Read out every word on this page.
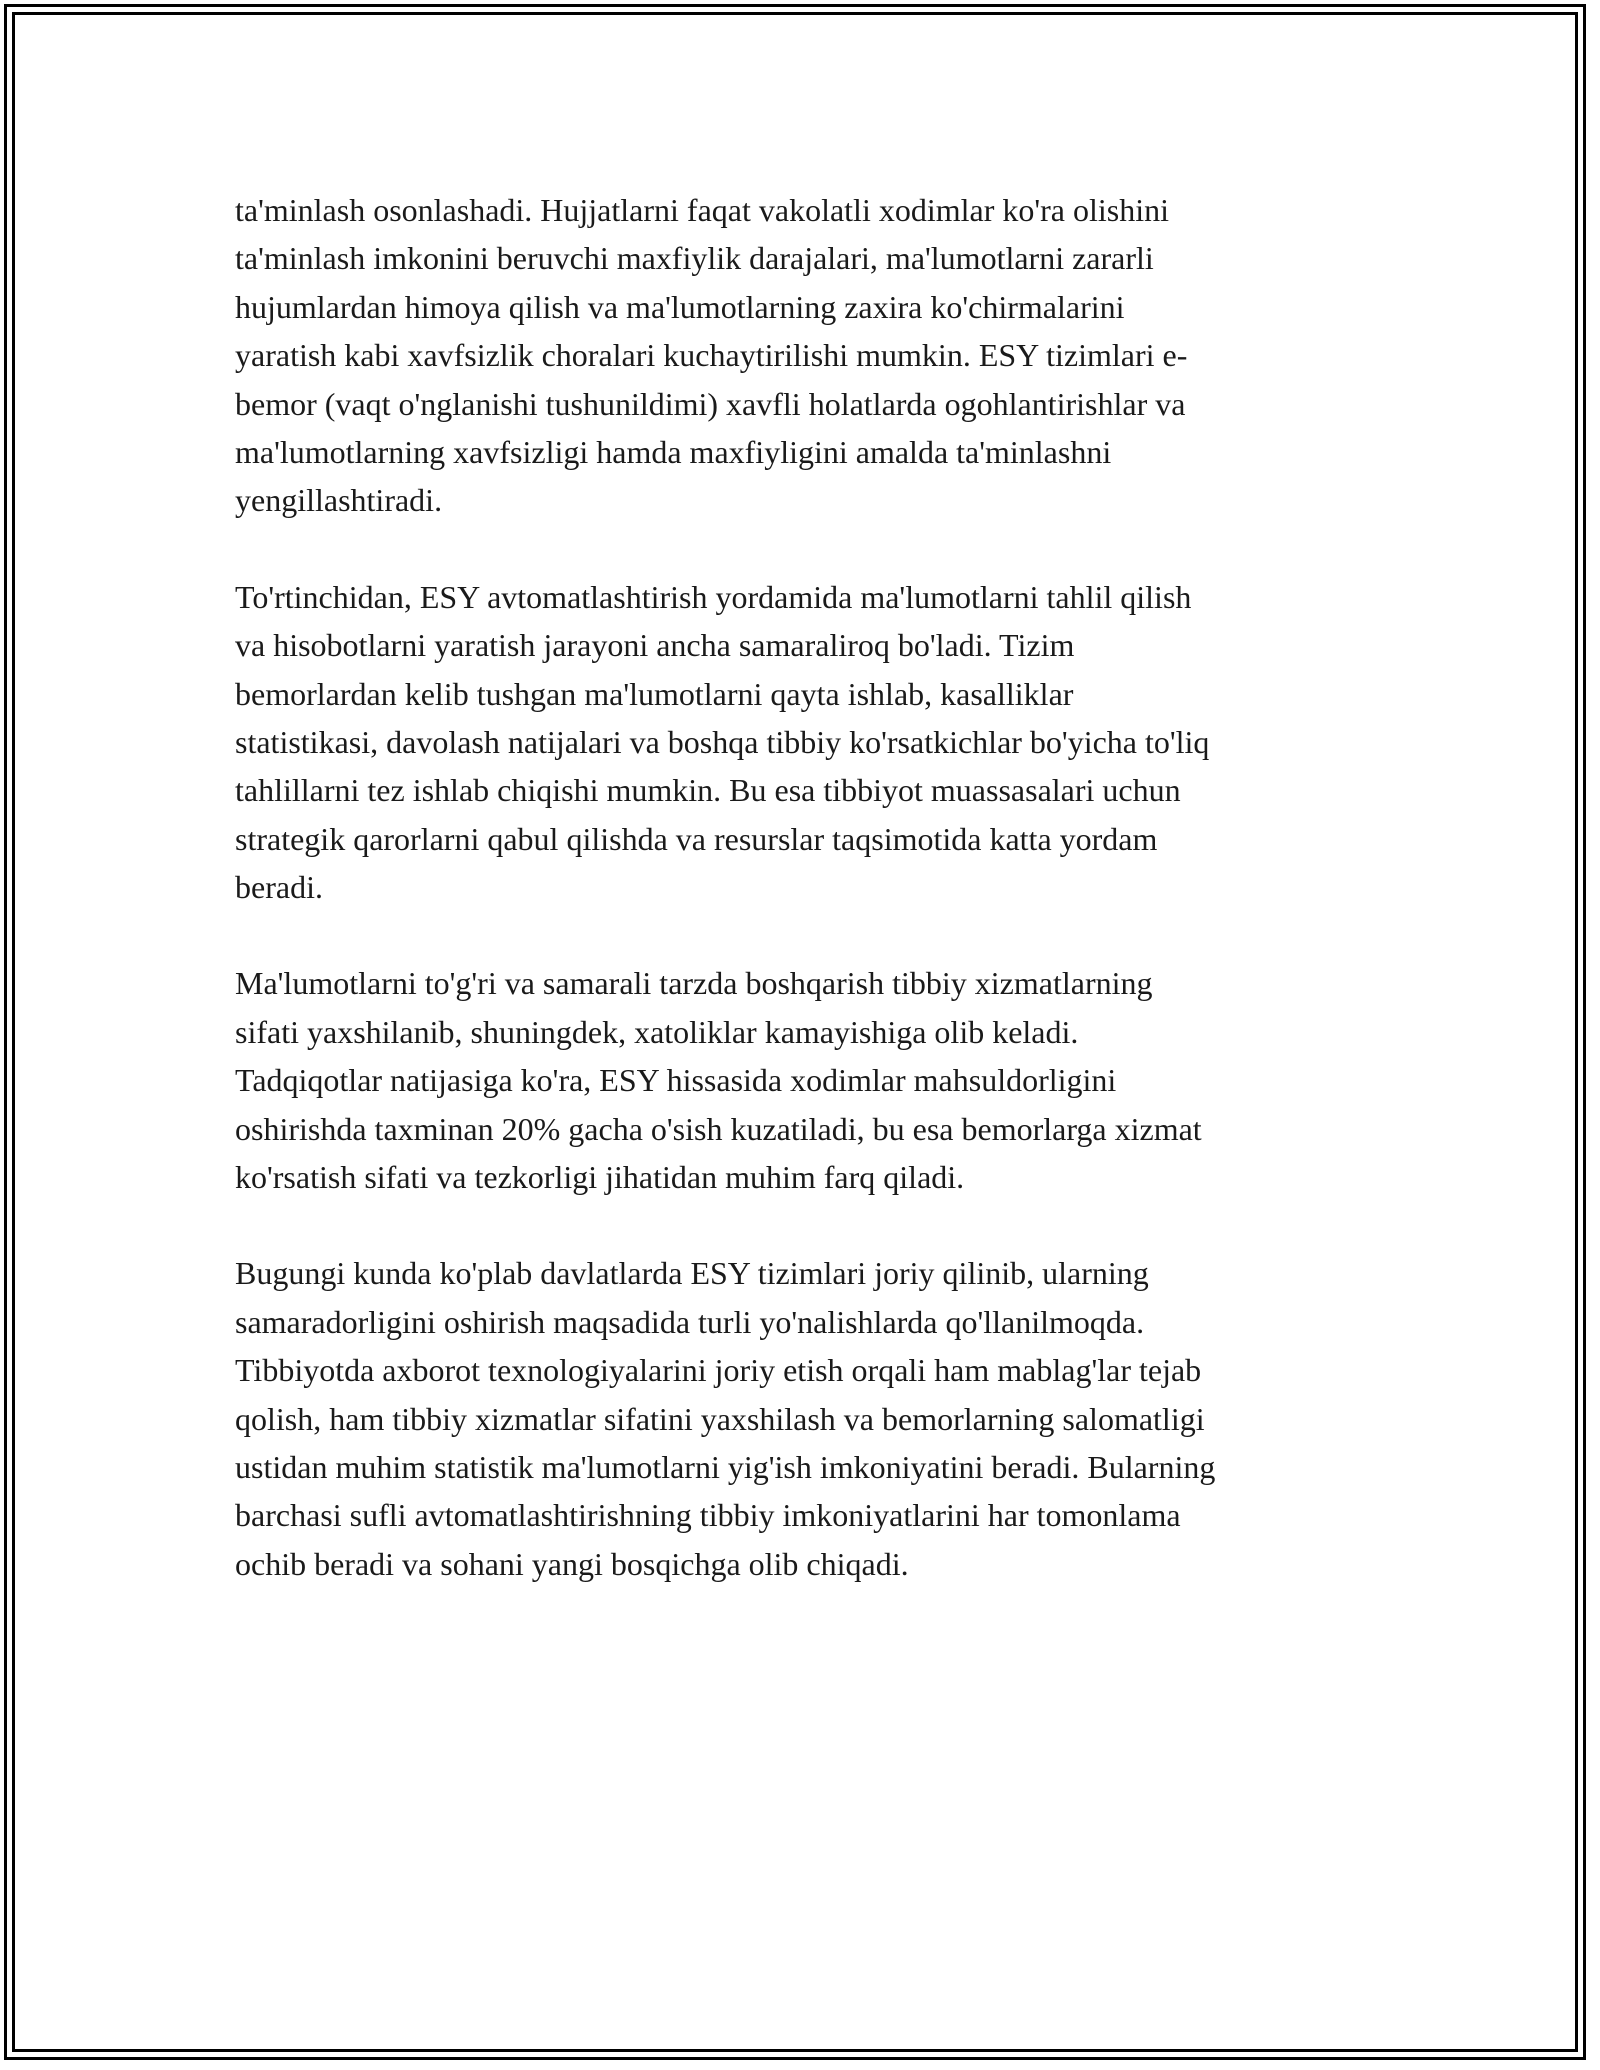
ta'minlash osonlashadi. Hujjatlarni faqat vakolatli xodimlar ko'ra olishini
ta'minlash imkonini beruvchi maxfiylik darajalari, ma'lumotlarni zararli
hujumlardan himoya qilish va ma'lumotlarning zaxira ko'chirmalarini
yaratish kabi xavfsizlik choralari kuchaytirilishi mumkin. ESY tizimlari e-
bemor (vaqt o'nglanishi tushunildimi) xavfli holatlarda ogohlantirishlar va
ma'lumotlarning xavfsizligi hamda maxfiyligini amalda ta'minlashni
yengillashtiradi.
To'rtinchidan, ESY avtomatlashtirish yordamida ma'lumotlarni tahlil qilish
va hisobotlarni yaratish jarayoni ancha samaraliroq bo'ladi. Tizim
bemorlardan kelib tushgan ma'lumotlarni qayta ishlab, kasalliklar
statistikasi, davolash natijalari va boshqa tibbiy ko'rsatkichlar bo'yicha to'liq
tahlillarni tez ishlab chiqishi mumkin. Bu esa tibbiyot muassasalari uchun
strategik qarorlarni qabul qilishda va resurslar taqsimotida katta yordam
beradi.
Ma'lumotlarni to'g'ri va samarali tarzda boshqarish tibbiy xizmatlarning
sifati yaxshilanib, shuningdek, xatoliklar kamayishiga olib keladi.
Tadqiqotlar natijasiga ko'ra, ESY hissasida xodimlar mahsuldorligini
oshirishda taxminan 20% gacha o'sish kuzatiladi, bu esa bemorlarga xizmat
ko'rsatish sifati va tezkorligi jihatidan muhim farq qiladi.
Bugungi kunda ko'plab davlatlarda ESY tizimlari joriy qilinib, ularning
samaradorligini oshirish maqsadida turli yo'nalishlarda qo'llanilmoqda.
Tibbiyotda axborot texnologiyalarini joriy etish orqali ham mablag'lar tejab
qolish, ham tibbiy xizmatlar sifatini yaxshilash va bemorlarning salomatligi
ustidan muhim statistik ma'lumotlarni yig'ish imkoniyatini beradi. Bularning
barchasi sufli avtomatlashtirishning tibbiy imkoniyatlarini har tomonlama
ochib beradi va sohani yangi bosqichga olib chiqadi.
